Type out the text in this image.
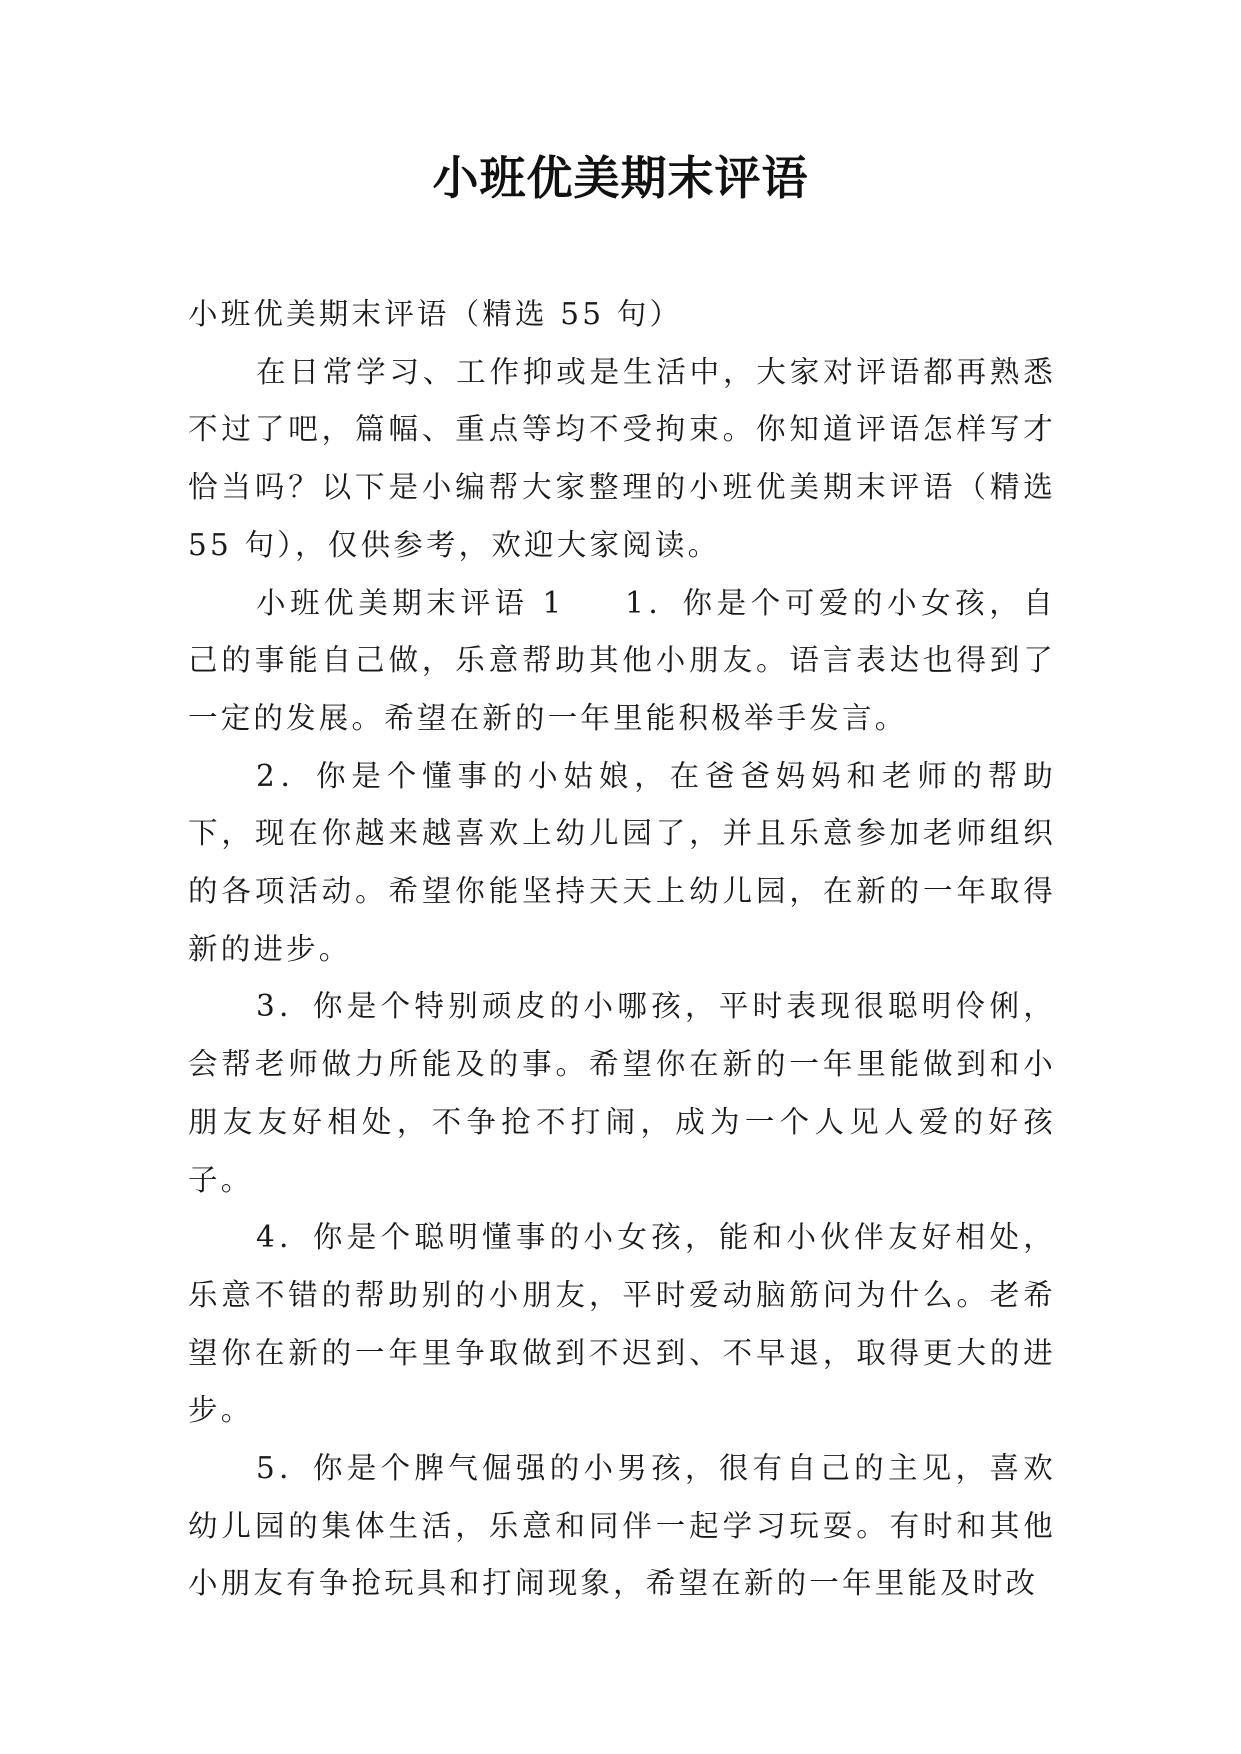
小班优美期末评语

小班优美期末评语（精选 55 句）

在日常学习、工作抑或是生活中，大家对评语都再熟悉不过了吧，篇幅、重点等均不受拘束。你知道评语怎样写才恰当吗？以下是小编帮大家整理的小班优美期末评语（精选 55 句），仅供参考，欢迎大家阅读。

小班优美期末评语 1  1．你是个可爱的小女孩，自己的事能自己做，乐意帮助其他小朋友。语言表达也得到了一定的发展。希望在新的一年里能积极举手发言。

2．你是个懂事的小姑娘，在爸爸妈妈和老师的帮助下，现在你越来越喜欢上幼儿园了，并且乐意参加老师组织的各项活动。希望你能坚持天天上幼儿园，在新的一年取得新的进步。

3．你是个特别顽皮的小哪孩，平时表现很聪明伶俐，会帮老师做力所能及的事。希望你在新的一年里能做到和小朋友友好相处，不争抢不打闹，成为一个人见人爱的好孩子。

4．你是个聪明懂事的小女孩，能和小伙伴友好相处，乐意不错的帮助别的小朋友，平时爱动脑筋问为什么。老希望你在新的一年里争取做到不迟到、不早退，取得更大的进步。

5．你是个脾气倔强的小男孩，很有自己的主见，喜欢幼儿园的集体生活，乐意和同伴一起学习玩耍。有时和其他小朋友有争抢玩具和打闹现象，希望在新的一年里能及时改
